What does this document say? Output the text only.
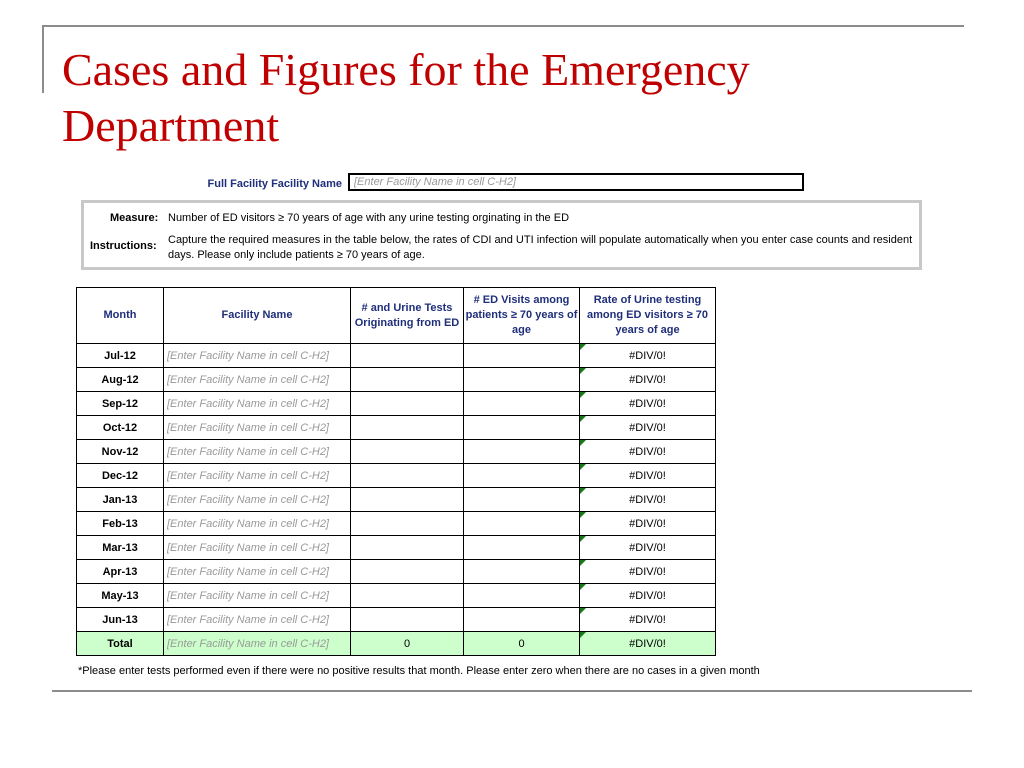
Cases and Figures for the Emergency Department
Full Facility Facility Name
[Enter Facility Name in cell C-H2]
Measure: Number of ED visitors ≥ 70 years of age with any urine testing orginating in the ED
Instructions: Capture the required measures in the table below, the rates of CDI and UTI infection will populate automatically when you enter case counts and resident days. Please only include patients ≥ 70 years of age.
Month	Facility Name	# and Urine Tests Originating from ED	# ED Visits among patients ≥ 70 years of age	Rate of Urine testing among ED visitors ≥ 70 years of age
Jul-12	[Enter Facility Name in cell C-H2]			#DIV/0!
Aug-12	[Enter Facility Name in cell C-H2]			#DIV/0!
Sep-12	[Enter Facility Name in cell C-H2]			#DIV/0!
Oct-12	[Enter Facility Name in cell C-H2]			#DIV/0!
Nov-12	[Enter Facility Name in cell C-H2]			#DIV/0!
Dec-12	[Enter Facility Name in cell C-H2]			#DIV/0!
Jan-13	[Enter Facility Name in cell C-H2]			#DIV/0!
Feb-13	[Enter Facility Name in cell C-H2]			#DIV/0!
Mar-13	[Enter Facility Name in cell C-H2]			#DIV/0!
Apr-13	[Enter Facility Name in cell C-H2]			#DIV/0!
May-13	[Enter Facility Name in cell C-H2]			#DIV/0!
Jun-13	[Enter Facility Name in cell C-H2]			#DIV/0!
Total	[Enter Facility Name in cell C-H2]	0	0	#DIV/0!
*Please enter tests performed even if there were no positive results that month. Please enter zero when there are no cases in a given month
